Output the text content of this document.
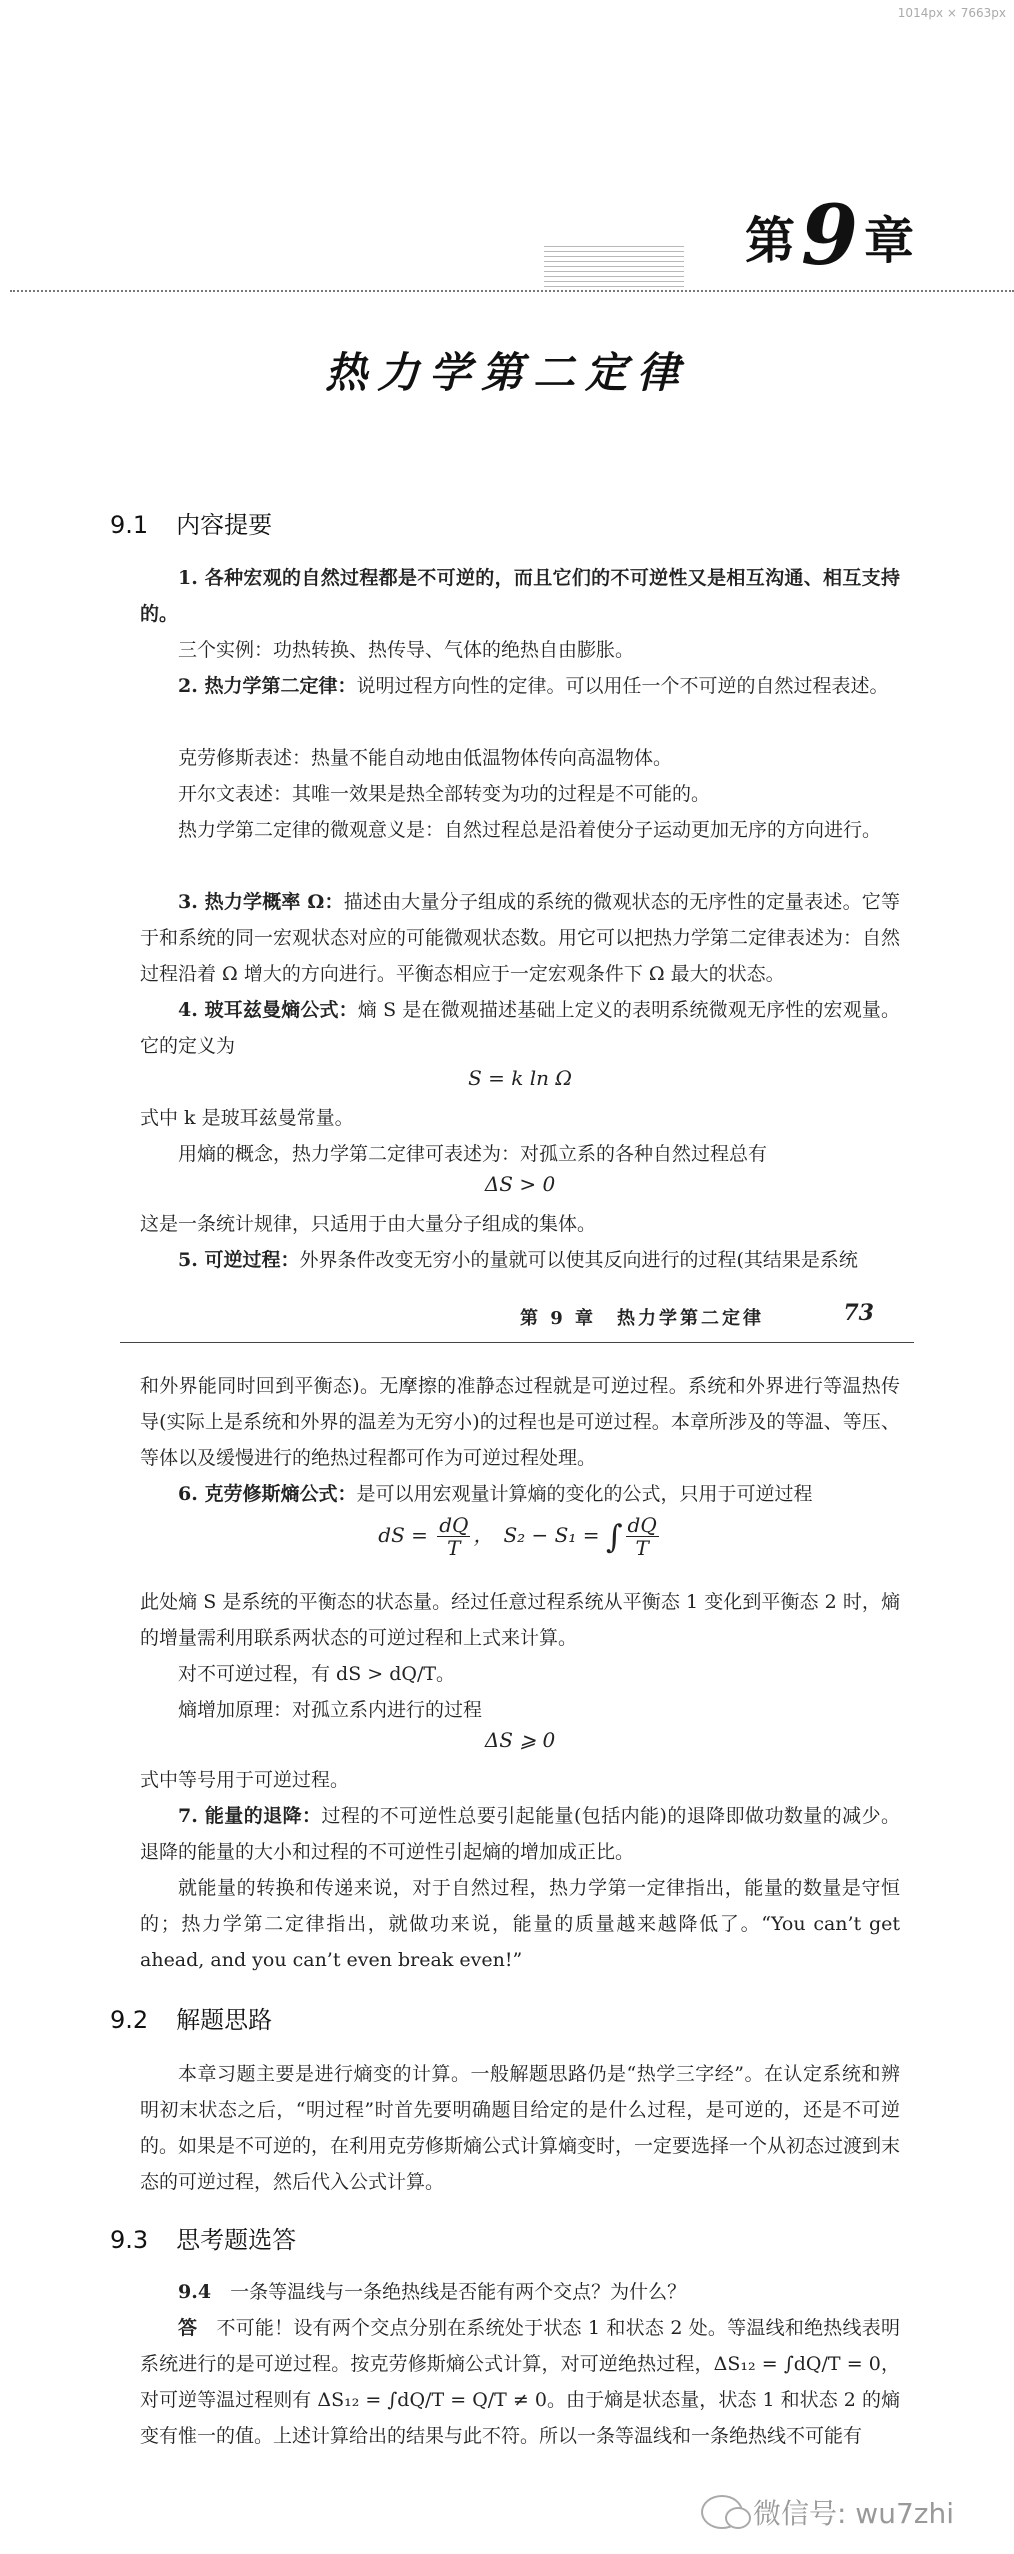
1014px × 7663px
第 9 章
热力学第二定律
9.1 内容提要

1. 各种宏观的自然过程都是不可逆的，而且它们的不可逆性又是相互沟通、相互支持的。

三个实例：功热转换、热传导、气体的绝热自由膨胀。

2. 热力学第二定律：说明过程方向性的定律。可以用任一个不可逆的自然过程表述。

克劳修斯表述：热量不能自动地由低温物体传向高温物体。

开尔文表述：其唯一效果是热全部转变为功的过程是不可能的。

热力学第二定律的微观意义是：自然过程总是沿着使分子运动更加无序的方向进行。

3. 热力学概率 Ω：描述由大量分子组成的系统的微观状态的无序性的定量表述。它等于和系统的同一宏观状态对应的可能微观状态数。用它可以把热力学第二定律表述为：自然过程沿着 Ω 增大的方向进行。平衡态相应于一定宏观条件下 Ω 最大的状态。

4. 玻耳兹曼熵公式：熵 S 是在微观描述基础上定义的表明系统微观无序性的宏观量。它的定义为

S = k ln Ω

式中 k 是玻耳兹曼常量。

用熵的概念，热力学第二定律可表述为：对孤立系的各种自然过程总有

ΔS > 0

这是一条统计规律，只适用于由大量分子组成的集体。

5. 可逆过程：外界条件改变无穷小的量就可以使其反向进行的过程(其结果是系统

第 9 章　热力学第二定律	73

和外界能同时回到平衡态)。无摩擦的准静态过程就是可逆过程。系统和外界进行等温热传导(实际上是系统和外界的温差为无穷小)的过程也是可逆过程。本章所涉及的等温、等压、等体以及缓慢进行的绝热过程都可作为可逆过程处理。

6. 克劳修斯熵公式：是可以用宏观量计算熵的变化的公式，只用于可逆过程

dS = $\frac{dQ}{T}$ ，　S₂ − S₁ = ∫ $\frac{dQ}{T}$

此处熵 S 是系统的平衡态的状态量。经过任意过程系统从平衡态 1 变化到平衡态 2 时，熵的增量需利用联系两状态的可逆过程和上式来计算。

对不可逆过程，有 dS > dQ/T。

熵增加原理：对孤立系内进行的过程

ΔS ⩾ 0

式中等号用于可逆过程。

7. 能量的退降：过程的不可逆性总要引起能量(包括内能)的退降即做功数量的减少。退降的能量的大小和过程的不可逆性引起熵的增加成正比。

就能量的转换和传递来说，对于自然过程，热力学第一定律指出，能量的数量是守恒的；热力学第二定律指出，就做功来说，能量的质量越来越降低了。“You can’t get ahead, and you can’t even break even!”

9.2 解题思路

本章习题主要是进行熵变的计算。一般解题思路仍是“热学三字经”。在认定系统和辨明初末状态之后，“明过程”时首先要明确题目给定的是什么过程，是可逆的，还是不可逆的。如果是不可逆的，在利用克劳修斯熵公式计算熵变时，一定要选择一个从初态过渡到末态的可逆过程，然后代入公式计算。

9.3 思考题选答

9.4　 一条等温线与一条绝热线是否能有两个交点？为什么？

答　 不可能！设有两个交点分别在系统处于状态 1 和状态 2 处。等温线和绝热线表明系统进行的是可逆过程。按克劳修斯熵公式计算，对可逆绝热过程，ΔS₁₂ = ∫dQ/T = 0，对可逆等温过程则有 ΔS₁₂ = ∫dQ/T = Q/T ≠ 0。由于熵是状态量，状态 1 和状态 2 的熵变有惟一的值。上述计算给出的结果与此不符。所以一条等温线和一条绝热线不可能有

微信号: wu7zhi
